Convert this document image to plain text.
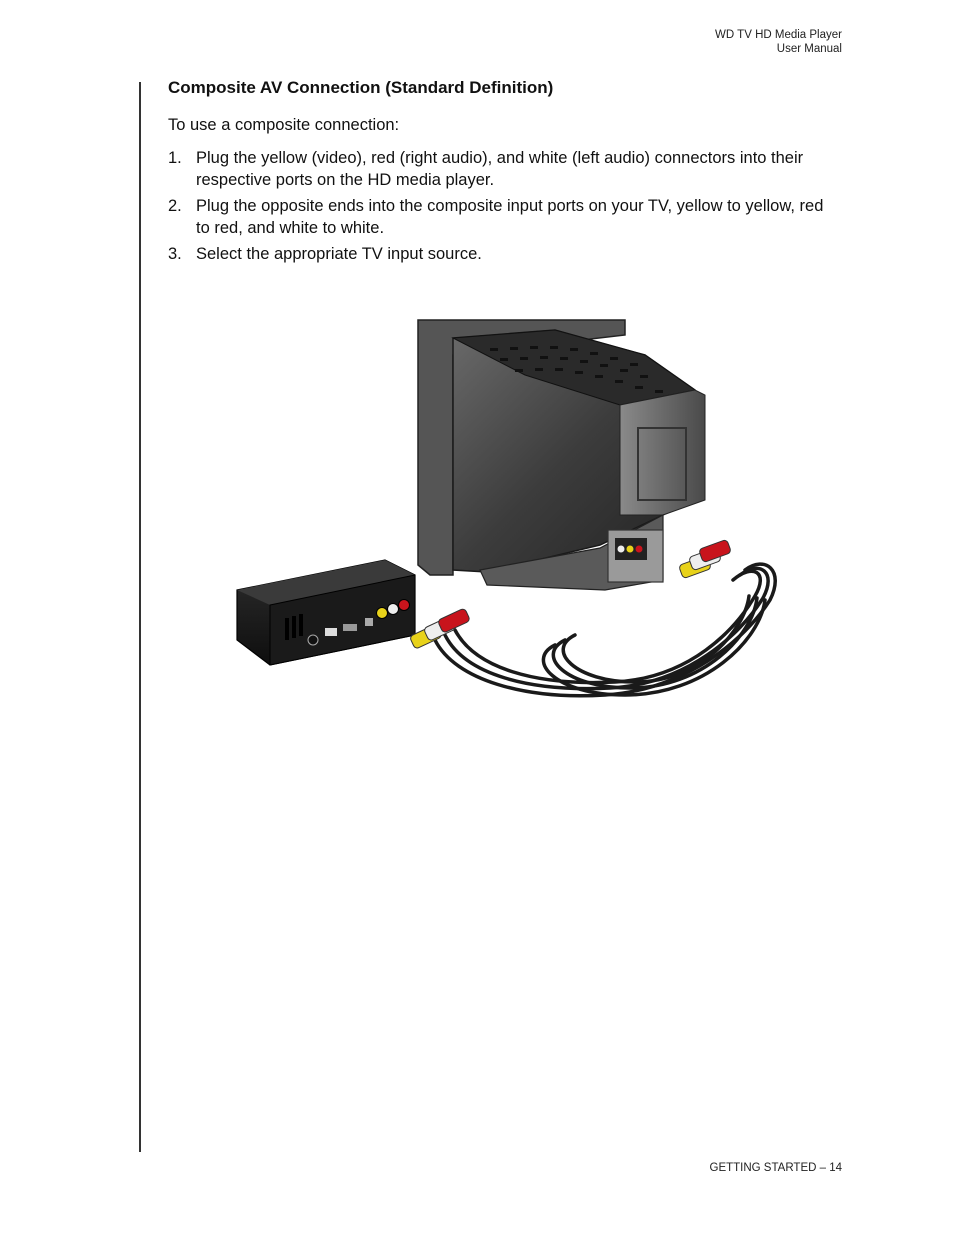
WD TV HD Media Player
User Manual
Composite AV Connection (Standard Definition)

To use a composite connection:

1. Plug the yellow (video), red (right audio), and white (left audio) connectors into their respective ports on the HD media player.
2. Plug the opposite ends into the composite input ports on your TV, yellow to yellow, red to red, and white to white.
3. Select the appropriate TV input source.
GETTING STARTED – 14
